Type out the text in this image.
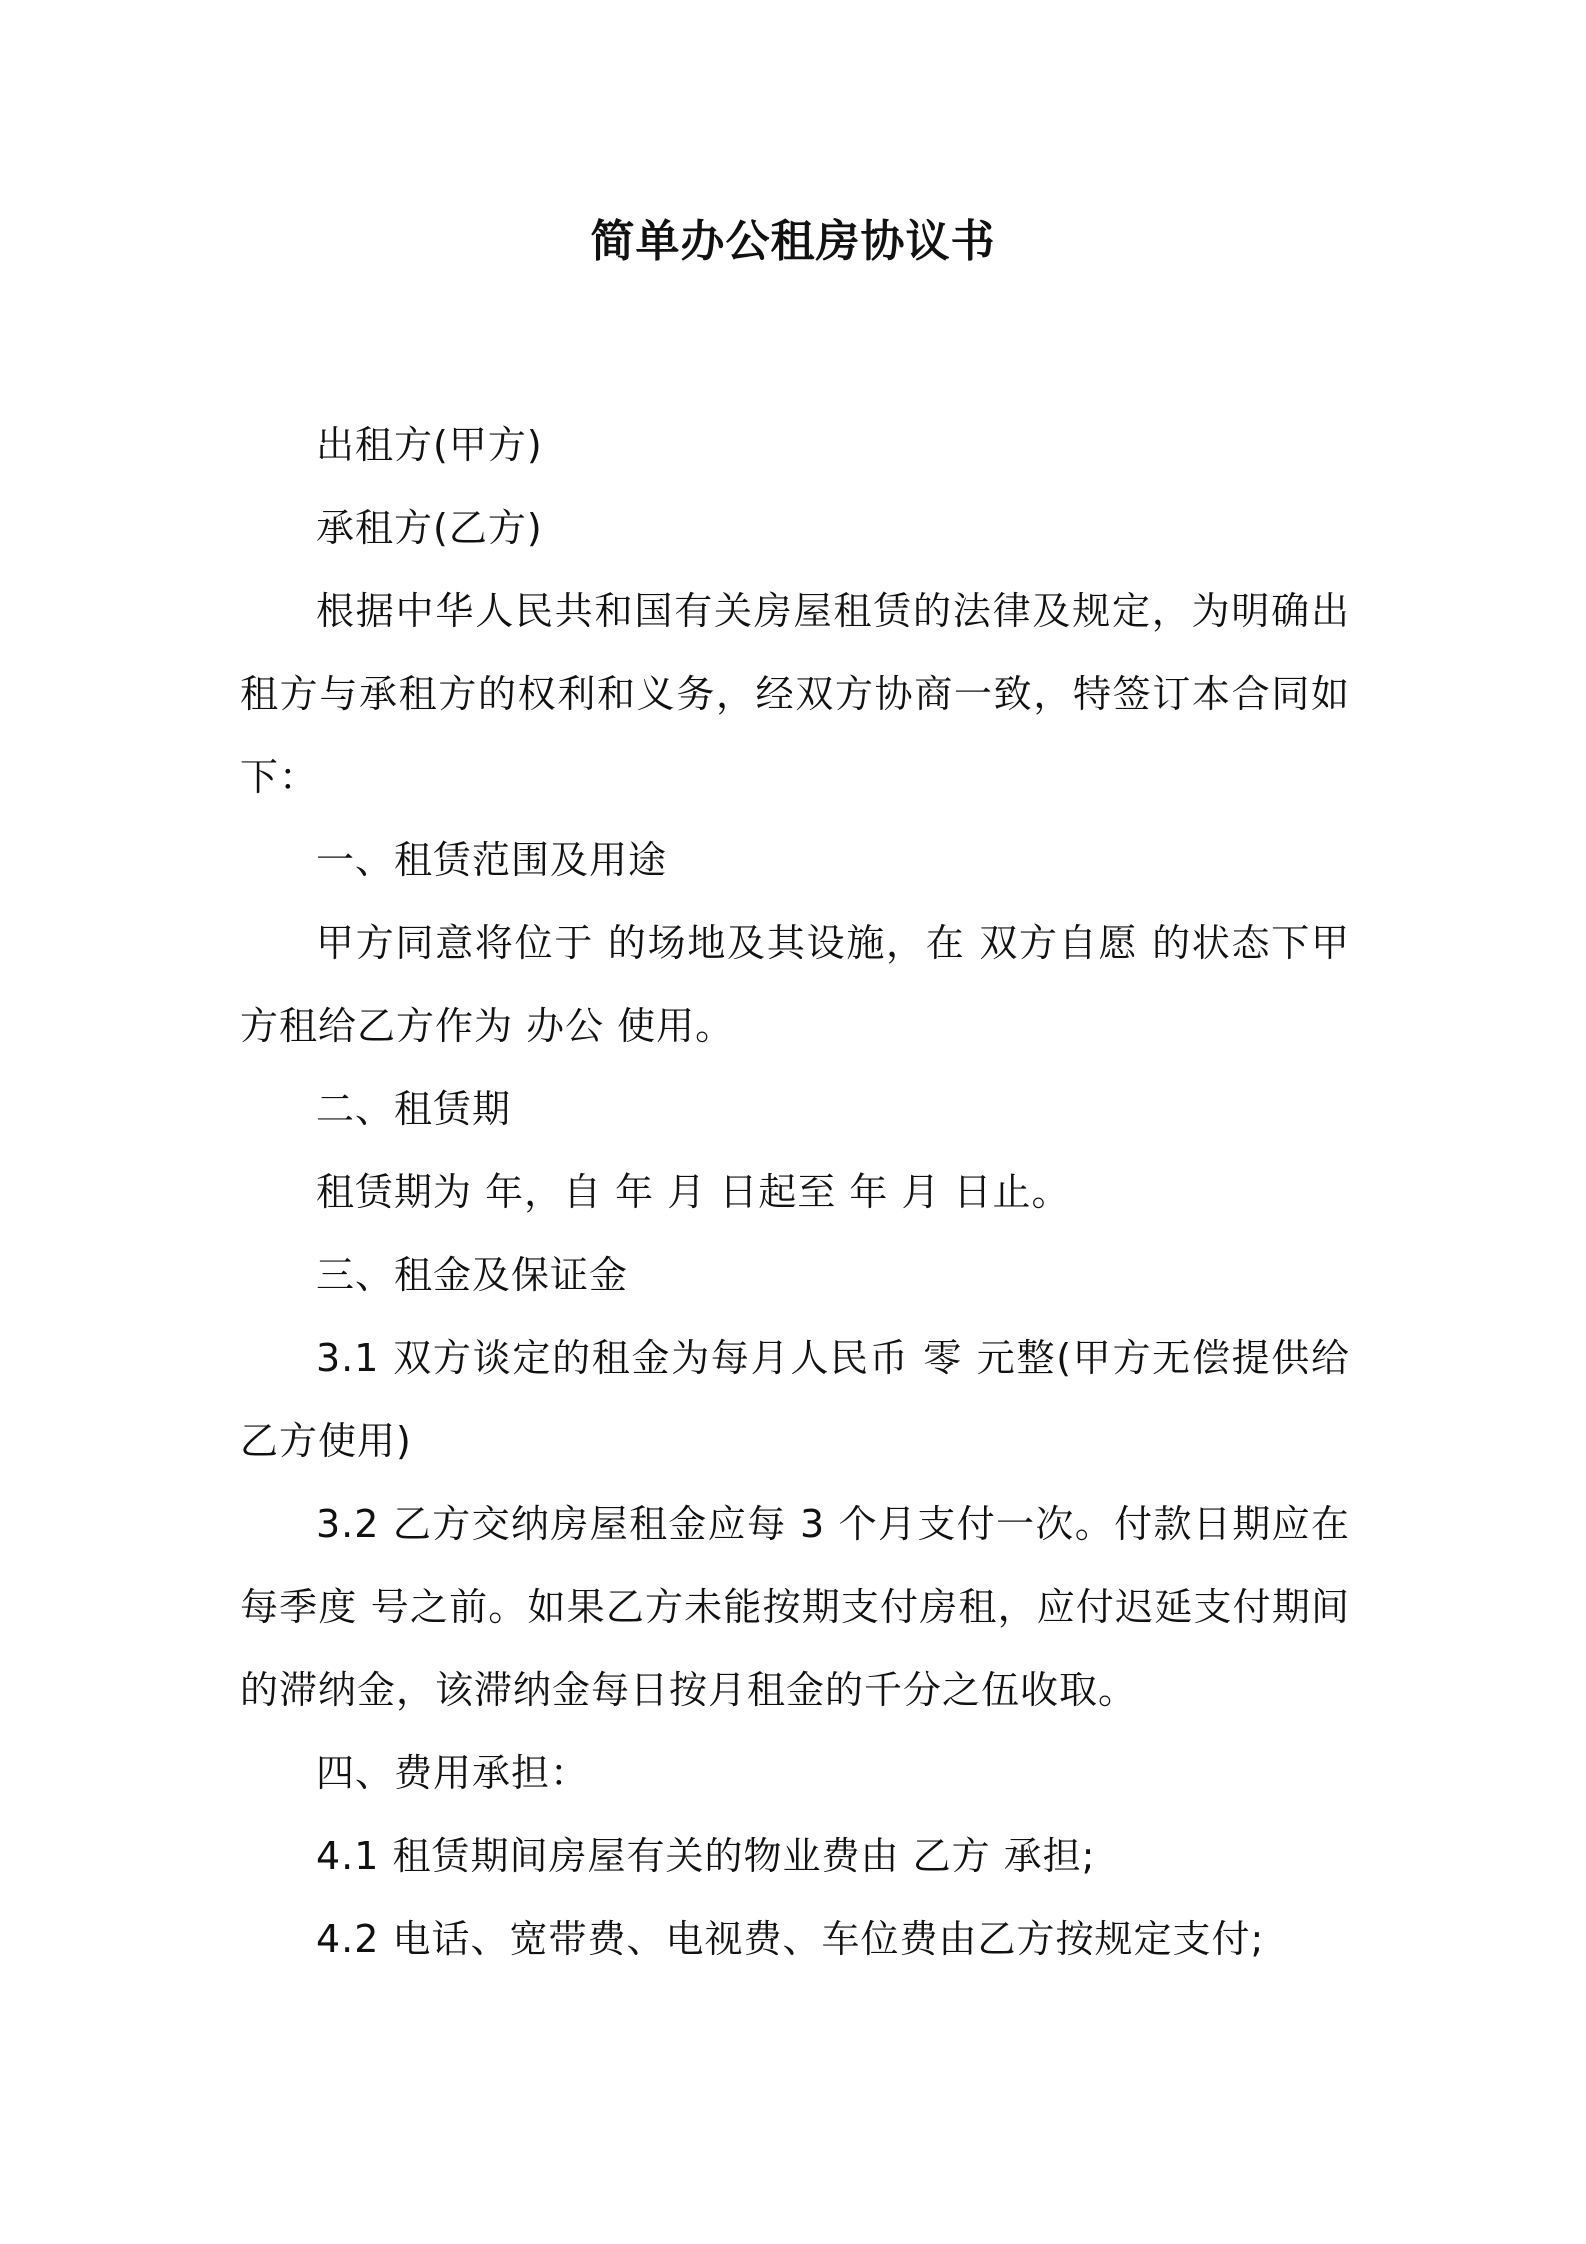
简单办公租房协议书

出租方(甲方)

承租方(乙方)

根据中华人民共和国有关房屋租赁的法律及规定，为明确出租方与承租方的权利和义务，经双方协商一致，特签订本合同如下：

一、租赁范围及用途

甲方同意将位于 的场地及其设施，在 双方自愿 的状态下甲方租给乙方作为 办公 使用。

二、租赁期

租赁期为 年，自 年 月 日起至 年 月 日止。

三、租金及保证金

3.1 双方谈定的租金为每月人民币 零 元整(甲方无偿提供给乙方使用)

3.2 乙方交纳房屋租金应每 3 个月支付一次。付款日期应在每季度 号之前。如果乙方未能按期支付房租，应付迟延支付期间的滞纳金，该滞纳金每日按月租金的千分之伍收取。

四、费用承担：

4.1 租赁期间房屋有关的物业费由 乙方 承担;

4.2 电话、宽带费、电视费、车位费由乙方按规定支付;
